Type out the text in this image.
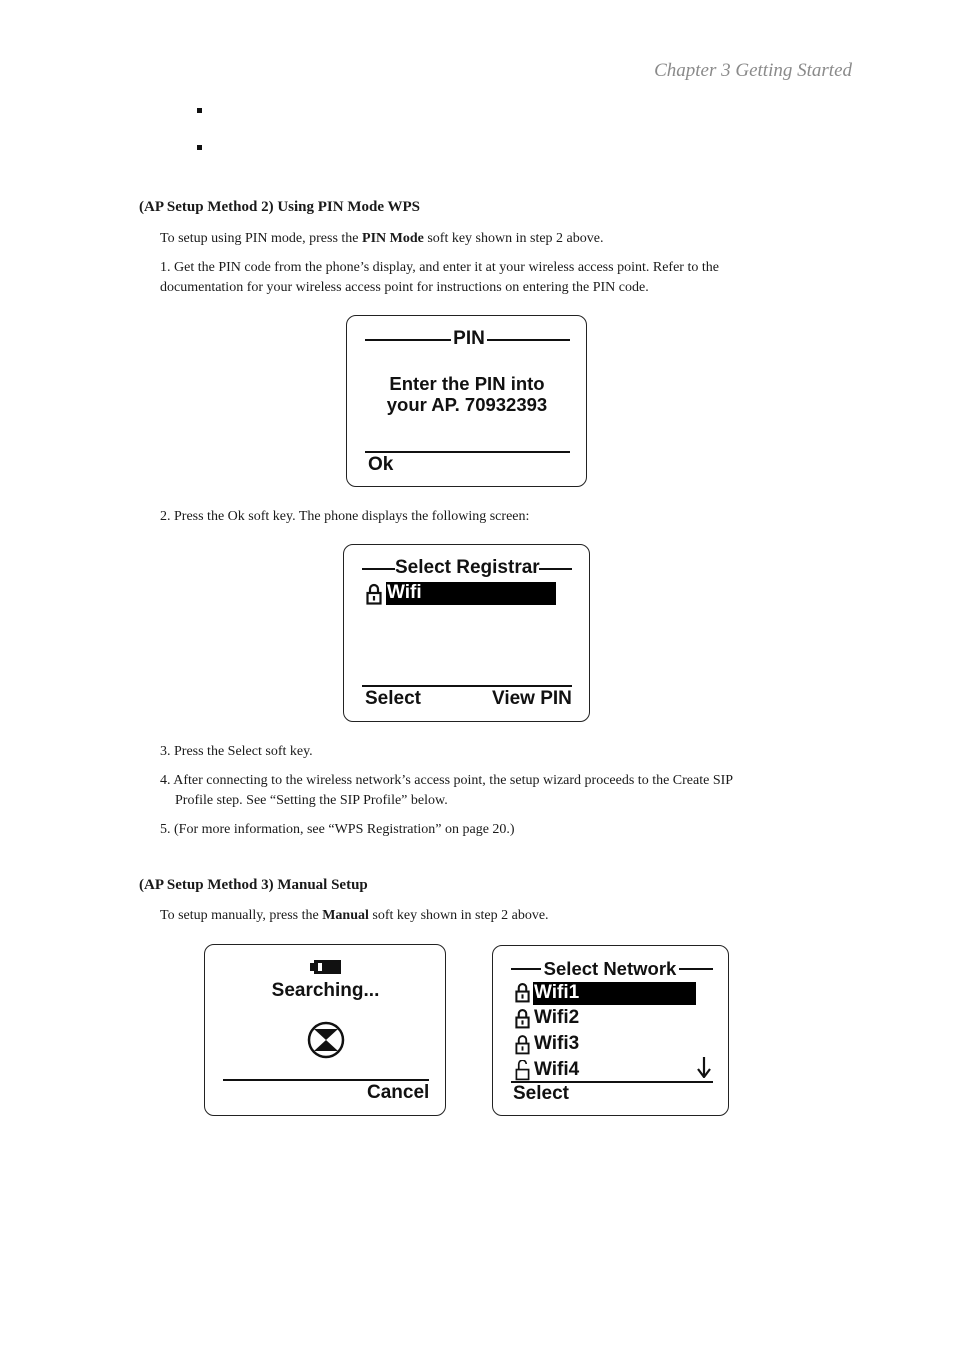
Chapter 3 Getting Started
(AP Setup Method 2) Using PIN Mode WPS
To setup using PIN mode, press the PIN Mode soft key shown in step 2 above.
1. Get the PIN code from the phone’s display, and enter it at your wireless access point. Refer to the
documentation for your wireless access point for instructions on entering the PIN code.
PIN
Enter the PIN into
your AP. 70932393
Ok
2. Press the Ok soft key. The phone displays the following screen:
Select Registrar
Wifi
Select	View PIN
3. Press the Select soft key.
4. After connecting to the wireless network’s access point, the setup wizard proceeds to the Create SIP
Profile step. See “Setting the SIP Profile” below.
5. (For more information, see “WPS Registration” on page 20.)
(AP Setup Method 3) Manual Setup
To setup manually, press the Manual soft key shown in step 2 above.
Searching...
Cancel
Select Network
Wifi1
Wifi2
Wifi3
Wifi4
Select
